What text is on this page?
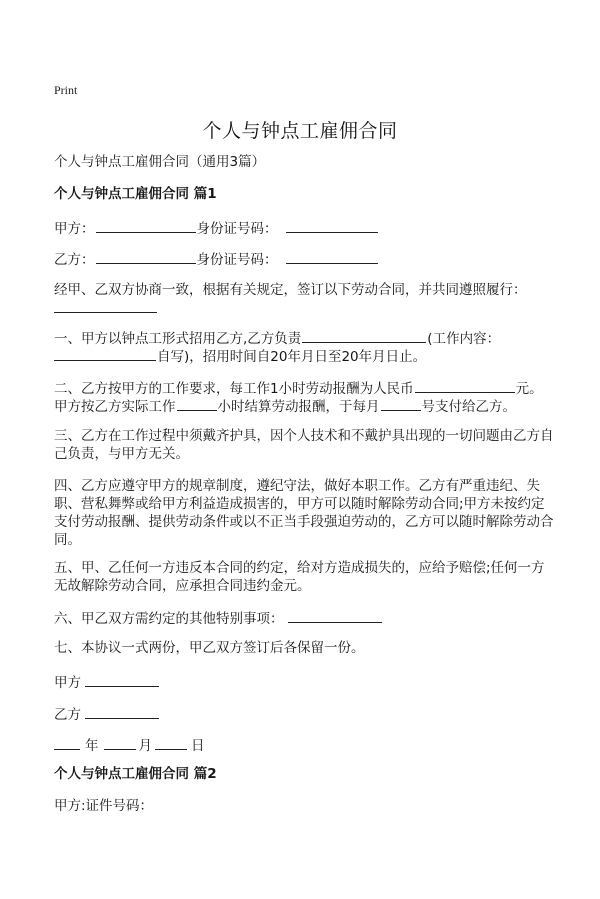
Print
个人与钟点工雇佣合同
个人与钟点工雇佣合同（通用3篇）
个人与钟点工雇佣合同 篇1
甲方：	身份证号码：
乙方：	身份证号码：
经甲、乙双方协商一致，根据有关规定，签订以下劳动合同，并共同遵照履行：
一、甲方以钟点工形式招用乙方,乙方负责	(工作内容：
自写)，招用时间自20年月日至20年月日止。
二、乙方按甲方的工作要求，每工作1小时劳动报酬为人民币	元。
甲方按乙方实际工作	小时结算劳动报酬，于每月	号支付给乙方。
三、乙方在工作过程中须戴齐护具，因个人技术和不戴护具出现的一切问题由乙方自己负责，与甲方无关。
四、乙方应遵守甲方的规章制度，遵纪守法，做好本职工作。乙方有严重违纪、失职、营私舞弊或给甲方利益造成损害的，甲方可以随时解除劳动合同;甲方未按约定支付劳动报酬、提供劳动条件或以不正当手段强迫劳动的，乙方可以随时解除劳动合同。
五、甲、乙任何一方违反本合同的约定，给对方造成损失的，应给予赔偿;任何一方无故解除劳动合同，应承担合同违约金元。
六、甲乙双方需约定的其他特别事项：
七、本协议一式两份，甲乙双方签订后各保留一份。
甲方
乙方
年	月	日
个人与钟点工雇佣合同 篇2
甲方:证件号码：
